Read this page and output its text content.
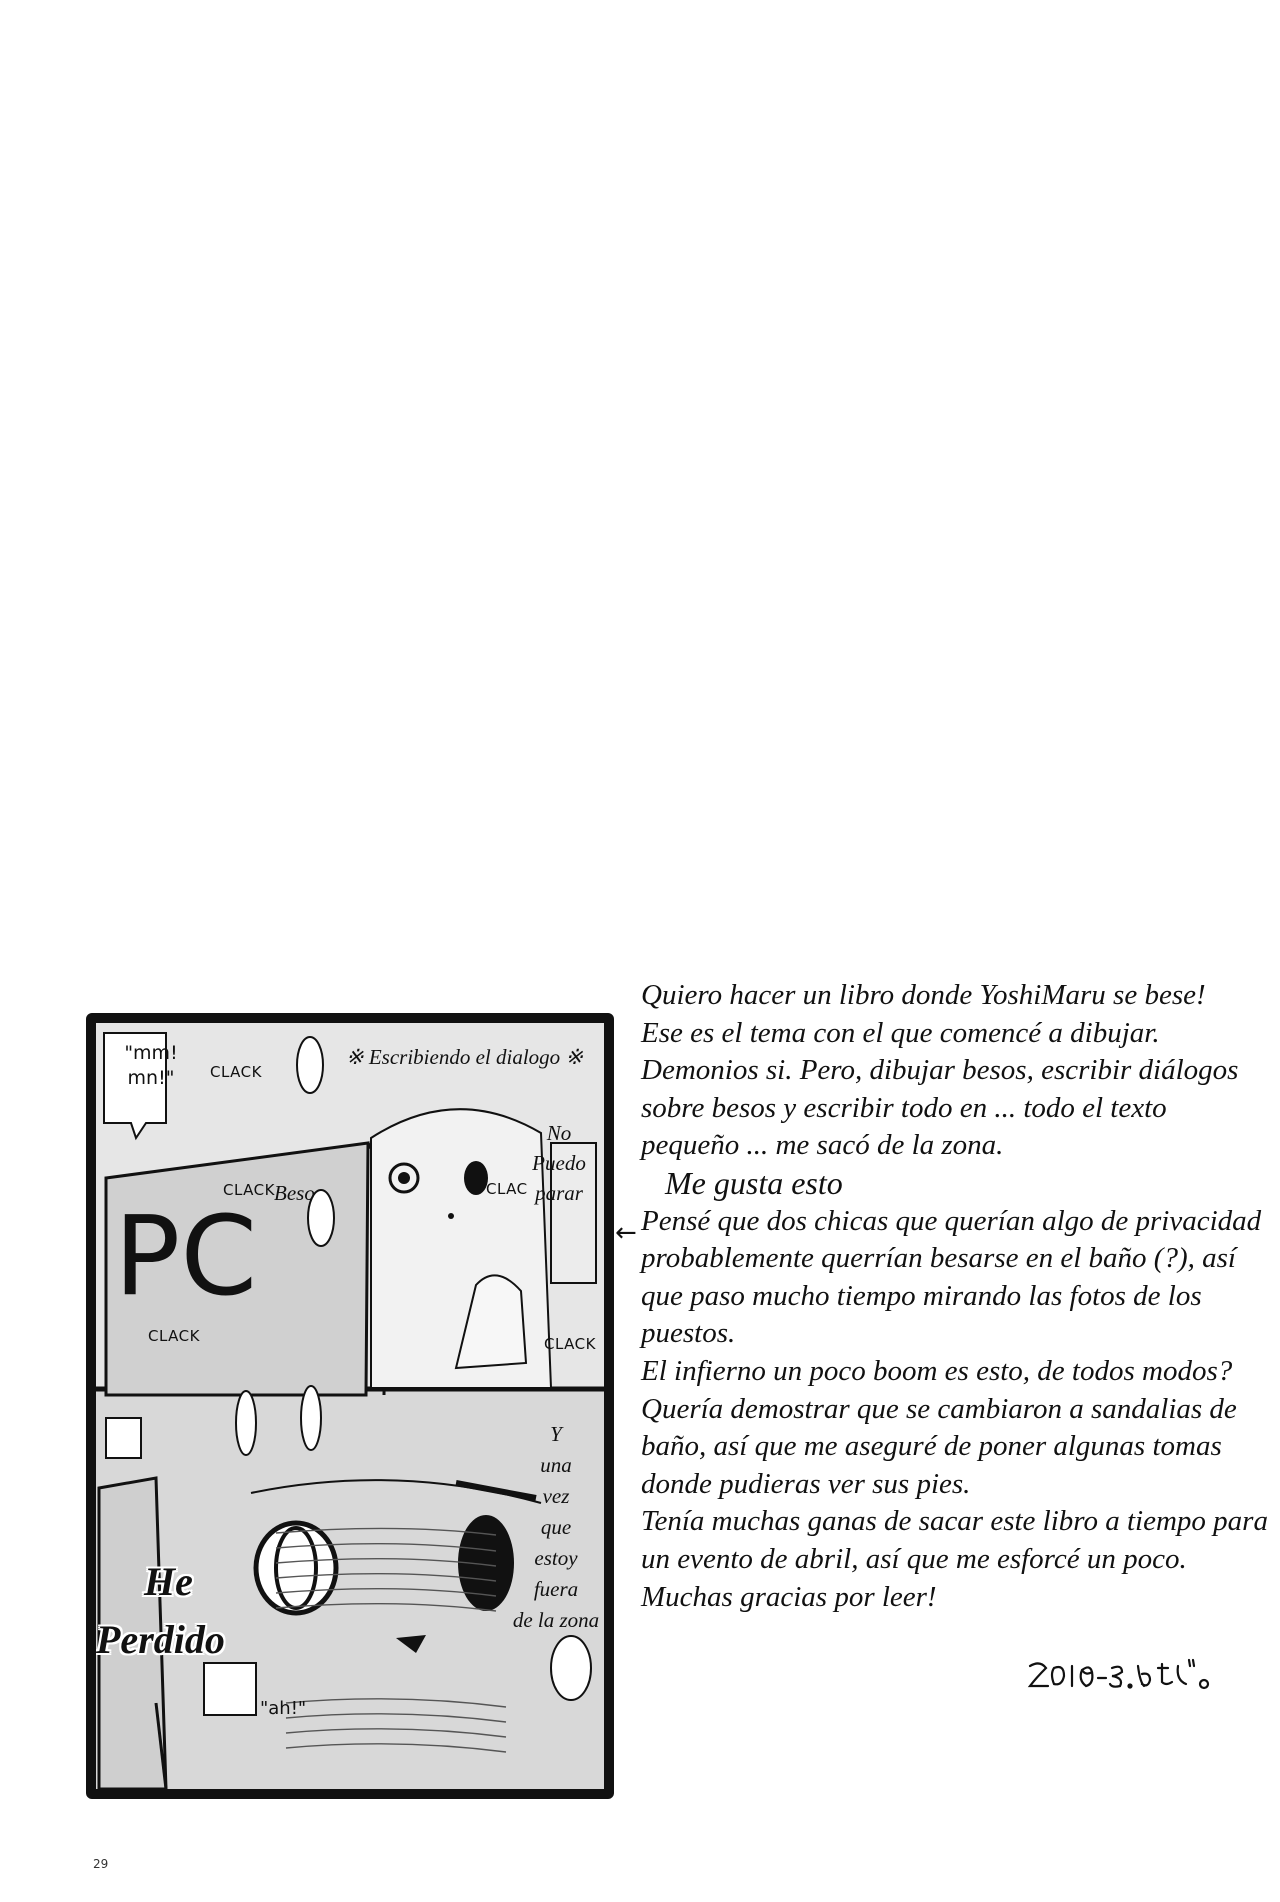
"mm! mn!"	CLACK
※ Escribiendo el dialogo ※
CLACK Beso
PC
CLACK
CLAC
CLACK
No
Puedo
parar
Y
una
vez
que
estoy
fuera
de la zona
He
Perdido
"ah!"
←

Quiero hacer un libro donde YoshiMaru se bese!

Ese es el tema con el que comencé a dibujar.

Demonios si. Pero, dibujar besos, escribir diálogos sobre besos y escribir todo en ... todo el texto pequeño ... me sacó de la zona.

Me gusta esto

Pensé que dos chicas que querían algo de privacidad probablemente querrían besarse en el baño (?), así que paso mucho tiempo mirando las fotos de los puestos.

El infierno un poco boom es esto, de todos modos?

Quería demostrar que se cambiaron a sandalias de baño, así que me aseguré de poner algunas tomas donde pudieras ver sus pies.

Tenía muchas ganas de sacar este libro a tiempo para un evento de abril, así que me esforcé un poco.

Muchas gracias por leer!

29
